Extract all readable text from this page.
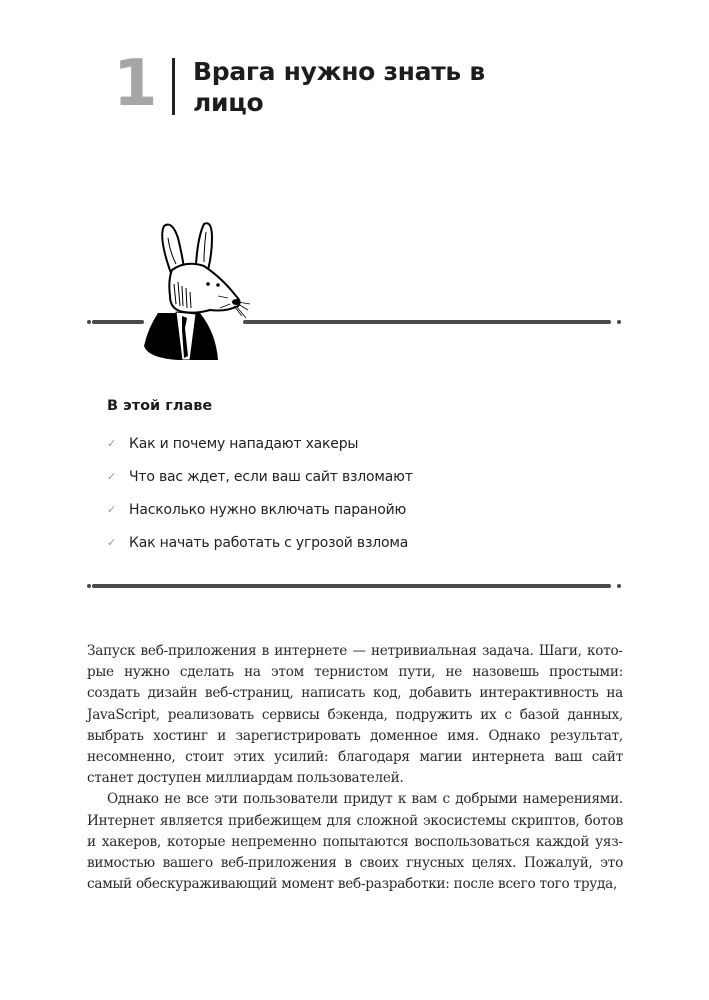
1 Врага нужно знать в лицо
В этой главе
✓ Как и почему нападают хакеры
✓ Что вас ждет, если ваш сайт взломают
✓ Насколько нужно включать паранойю
✓ Как начать работать с угрозой взлома

Запуск веб-приложения в интернете — нетривиальная задача. Шаги, которые нужно сделать на этом тернистом пути, не назовешь простыми: создать дизайн веб-страниц, написать код, добавить интерактивность на JavaScript, реализовать сервисы бэкенда, подружить их с базой данных, выбрать хостинг и зарегистрировать доменное имя. Однако результат, несомненно, стоит этих усилий: благодаря магии интернета ваш сайт станет доступен миллиардам пользователей.

Однако не все эти пользователи придут к вам с добрыми намерениями. Интернет является прибежищем для сложной экосистемы скриптов, ботов и хакеров, которые непременно попытаются воспользоваться каждой уязвимостью вашего веб-приложения в своих гнусных целях. Пожалуй, это самый обескураживающий момент веб-разработки: после всего того труда,
